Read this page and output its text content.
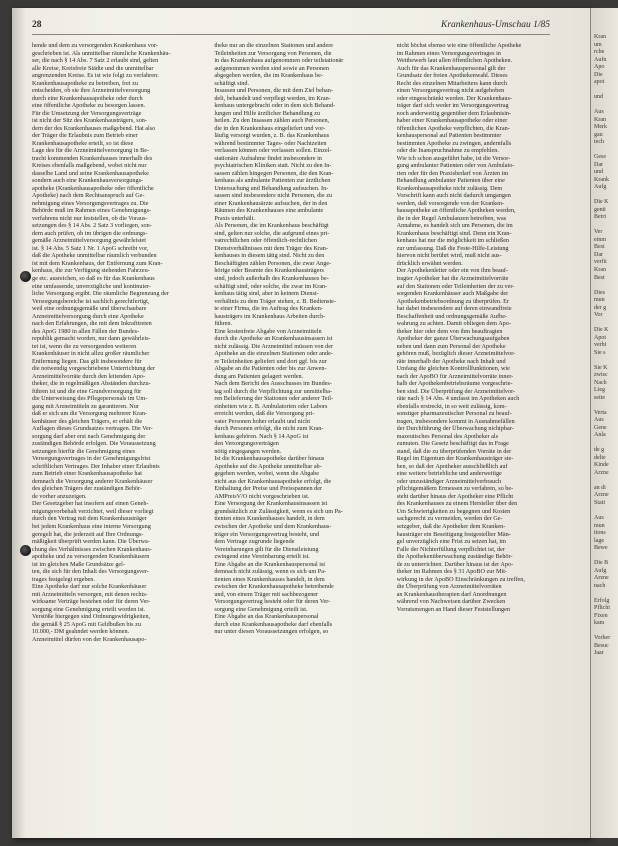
28	Krankenhaus-Umschau 1/85

hende und dem zu versorgenden Krankenhaus vor-

geschrieben ist. Als unmittelbar räumliche Krankenhäu-

ser, die nach § 14 Abs. 7 Satz 2 erlaubt sind, gelten

alle Kreise, Kreisfreie Städte und die unmittelbar

angrenzenden Kreise. Es ist wie folgt zu verfahren:

Krankenhausapotheke zu betreiben, frei zu

entscheiden, ob sie ihre Arzneimittelversorgung

durch eine Krankenhausapotheke oder durch

eine öffentliche Apotheke zu besorgen lassen.

Für die Umsetzung der Versorgungsverträge

ist nicht der Sitz des Krankenhausträgers, son-

dern der des Krankenhauses maßgebend. Hat also

der Träger die Erlaubnis zum Betrieb einer

Krankenhausapotheke erteilt, so ist diese

Lage des für die Arzneimittelversorgung in Be-

tracht kommenden Krankenhauses innerhalb des

Kreises ebenfalls maßgebend, wobei nicht nur

dasselbe Land und seine Krankenhausapotheke

sondern auch eine Krankenhausversorgungs-

apotheke (Krankenhausapotheke oder öffentliche

Apotheke) nach dem Rechtsanspruch auf Ge-

nehmigung eines Versorgungsvertrages zu. Die

Behörde muß im Rahmen eines Genehmigungs-

verfahrens nicht nur feststellen, ob die Voraus-

setzungen des § 14 Abs. 2 Satz 3 vorliegen, son-

dern auch prüfen, ob im übrigen die ordnungs-

gemäße Arzneimittelversorgung gewährleistet

ist. § 14 Abs. 5 Satz 1 Nr. 1 ApoG schreibt vor,

daß die Apotheke unmittelbar räumlich verbunden

ist mit dem Krankenhaus, der Entfernung zum Kran-

kenhaus, die zur Verfügung stehenden Fahrzeu-

ge etc. ausreichen, so daß es für das Krankenhaus

eine umfassende, unverzügliche und kontinuier-

liche Versorgung ergibt. Die räumliche Begrenzung der

Versorgungsbereiche ist sachlich gerechtfertigt,

weil eine ordnungsgemäße und überschaubare

Arzneimittelversorgung durch eine Apotheke

nach den Erfahrungen, die mit dem Inkrafttreten

des ApoG 1980 in allen Fällen der Bundes-

republik gemacht worden, nur dann gewährleis-

tet ist, wenn die zu versorgenden weiteren

Krankenhäuser in nicht allzu großer räumlicher

Entfernung liegen. Das gilt insbesondere für

die notwendig vorgeschriebene Unterrichtung der

Arzneimittelvorräte durch den leitenden Apo-

theker, die in regelmäßigen Abständen durchzu-

führen ist und die eine Grundversorgung für

die Unterweisung des Pflegepersonals im Um-

gang mit Arzneimitteln zu garantieren. Nur

daß er sich um die Versorgung mehrerer Kran-

kenhäuser des gleichen Trägers, er erhält die

Auflagen dieses Grundsatzes vertragen. Die Ver-

sorgung darf aber erst nach Genehmigung der

zuständigen Behörde erfolgen. Die Voraussetzung

setzungen hierfür die Genehmigung eines

Versorgungsvertrages in der Genehmigungsfrist

schriftlichen Vertrages. Der Inhaber einer Erlaubnis

zum Betrieb einer Krankenhausapotheke hat

demnach die Versorgung anderer Krankenhäuser

des gleichen Trägers der zuständigen Behör-

de vorher anzuzeigen.

Der Gesetzgeber hat insofern auf einen Geneh-

migungsvorbehalt verzichtet, weil dieser vorliegt

durch den Vertrag mit dem Krankenhausträger

bei jedem Krankenhaus eine interne Versorgung

geregelt hat, die jederzeit auf Ihre Ordnungs-

mäßigkeit überprüft werden kann. Die Überwa-

chung des Verhältnisses zwischen Krankenhaus-

apotheke und zu versorgenden Krankenhäusern

ist im gleichen Maße Grundsätze gel-

ten, die sich für den Inhalt des Versorgungsver-

trages festgelegt ergeben.

Eine Apotheke darf nur solche Krankenhäuser

mit Arzneimitteln versorgen, mit denen rechts-

wirksame Verträge bestehen oder für deren Ver-

sorgung eine Genehmigung erteilt worden ist.

Verstöße hiergegen sind Ordnungswidrigkeiten,

die gemäß § 25 ApoG mit Geldbußen bis zu

10.000,- DM geahndet werden können.

Arzneimittel dürfen von der Krankenhausapo-

theke nur an die einzelnen Stationen und andere

Teileinheiten zur Versorgung von Personen, die

in das Krankenhaus aufgenommen oder teilstationär

aufgenommen werden sind sowie an Personen

abgegeben werden, die im Krankenhaus be-

schäftigt sind.

Insassen und Personen, die mit dem Ziel behan-

delt, behandelt und verpflegt werden, im Kran-

kenhaus untergebracht oder in dem sich Behand-

lungen und Hilfe ärztlicher Behandlung zu

heilen. Zu den Insassen zählen auch Personen,

die in den Krankenhaus eingeliefert und vor-

läufig versorgt wurden, z. B. das Krankenhaus

während bestimmter Tages- oder Nachtzeiten

verlassen können oder verlassen sollen. Einzel-

stationäre Aufnahme findet insbesondere in

psychiatrischen Kliniken statt. Nicht zu den In-

sassen zählen hingegen Personen, die den Kran-

kenhaus als ambulante Patienten zur ärztlichen

Untersuchung und Behandlung aufsuchen. In-

sassen sind insbesondere nicht Personen, die zu

einer Krankenhausärzte aufsuchen, der in den

Räumen des Krankenhauses eine ambulante

Praxis unterhält.

Als Personen, die im Krankenhaus beschäftigt

sind, gelten nur solche, die aufgrund eines pri-

vatrechtlichen oder öffentlich-rechtlichen

Dienstverhältnisses mit dem Träger des Kran-

kenhauses in diesem tätig sind. Nicht zu den

Beschäftigten zählen Personen, die zwar Ange-

hörige oder Beamte des Krankenhausträgers

sind, jedoch außerhalb des Krankenhauses be-

schäftigt sind, oder solche, die zwar im Kran-

kenhaus tätig sind, aber in keinem Dienst-

verhältnis zu dem Träger stehen, z. B. Bedienste-

te einer Firma, die im Auftrag des Kranken-

hausträgers im Krankenhaus Arbeiten durch-

führen.

Eine kostenfreie Abgabe von Arzneimitteln

durch die Apotheke an Krankenhausinsassen ist

nicht zulässig. Die Arzneimittel müssen von der

Apotheke an die einzelnen Stationen oder ande-

re Teileinheiten geliefert und dort ggf. bis zur

Abgabe an die Patienten oder bis zur Anwen-

dung am Patienten gelagert werden.

Nach dem Bericht des Ausschusses im Bundes-

tag soll durch die Verpflichtung zur unmittelba-

ren Belieferung der Stationen oder anderer Teil-

einheiten wie z. B. Ambulatorien oder Labors

erreicht werden, daß die Versorgung pri-

vater Personen hoher erlaubt und nicht

durch Personen erfolgt, die nicht zum Kran-

kenhaus gehören. Nach § 14 ApoG ist

den Versorgungsverträgen

nötig eingegangen werden.

Ist die Krankenhausapotheke darüber hinaus

Apotheke auf die Apotheke unmittelbar ab-

gegeben werden, wobei, wenn die Abgabe

nicht aus der Krankenhausapotheke erfolgt, die

Einhaltung der Preise und Preisspannen der

AMPreisV/O nicht vorgeschrieben ist.

Eine Versorgung der Krankenhausinsassen ist

grundsätzlich zur Zulässigkeit, wenn es sich um Pa-

tienten eines Krankenhauses handelt, in dem

zwischen der Apotheke und dem Krankenhaus-

träger ein Versorgungsvertrag besteht, und

dem Vertrage zugrunde liegende

Vereinbarungen gilt für die Dienstleistung

zwingend eine Vereinbarung erteilt ist.

Eine Abgabe an die Krankenhauspersonal ist

demnach nicht zulässig, wenn es sich um Pa-

tienten eines Krankenhauses handelt, in dem

zwischen der Krankenhausapotheke betreibende

und, von einem Träger mit sachbezogener

Versorgungsvertrag besteht oder für deren Ver-

sorgung eine Genehmigung erteilt ist.

Eine Abgabe an das Krankenhauspersonal

durch eine Krankenhausapotheke darf ebenfalls

nur unter diesen Voraussetzungen erfolgen, so

nicht höchst ebenso wie eine öffentliche Apotheke

im Rahmen eines Versorgungsvertrages in

Wettbewerb laut allen öffentlichen Apotheken.

Auch für das Krankenhausperssonal gilt der

Grundsatz der freien Apothekenwahl. Dieses

Recht des einzelnen Mitarbeiters kann durch

einen Versorgungsvertrag nicht aufgehoben

oder eingeschränkt werden. Der Krankenhaus-

träger darf sich weder im Versorgungsvertrag

noch anderweitig gegenüber dem Erlaubnisin-

haber einer Krankenhausapotheke oder einer

öffentlichen Apotheke verpflichten, die Kran-

kenhauspersonal auf Patienten bestimmter

bestimmten Apotheke zu zwingen, andernfalls

oder die Inanspruchnahme zu empfehlen.

Wie ich schon ausgeführt habe, ist die Versor-

gung ambulanter Patienten oder von Ambulato-

rien oder für den Praxisbedarf von Ärzten im

Behandlung ambulanter Patienten über eine

Krankenhausapotheke nicht zulässig. Dem

Vorschrift kann auch nicht dadurch umgangen

werden, daß vorsorgende von der Kranken-

hausapotheke an öffentliche Apotheken werden,

die in der Regel Ambulanzen betreiben, was

Annahme, es handelt sich um Personen, die im

Krankenhaus beschäftigt sind. Denn ein Kran-

kenhaus hat nur die möglichkeit im schließen

zur umfassung. Daß die Feste-Hilfe-Leistung

hiervon nicht berührt wird, muß nicht aus-

drücklich erwähnt werden.

Der Apothekenleiter oder ein von ihm beauf-

tragter Apotheker hat die Arzneimittelvorräte

auf den Stationen oder Teileinheiten der zu ver-

sorgenden Krankenhäuser auch Maßgabe der

Apothekenbetriebsordnung zu überprüfen. Er

hat dabei insbesondere auf deren einwandfreie

Beschaffenheit und ordnungsgemäße Aufbe-

wahrung zu achten. Damit obliegen dem Apo-

theker hier oder dem von ihm beauftragten

Apotheker der ganze Überwachungsaufgaben

neben und dann zum Personal der Apotheke

gehören muß, bezüglich dieser Arzneimittelvor-

räte innerhalb der Apotheke nach Inhalt und

Umfang die gleichen Kontrollfunktionen, wie

nach der ApoBO für Arzneimittelvorräte inner-

halb der Apothekenbetriebsräume vorgeschrie-

ben sind. Die Überprüfung der Arzneimittelvor-

räte nach § 14 Abs. 4 umfasst im Apotheken auch

ebenfalls erstreckt, in so weit zulässig, kom-

sonstiger pharmazeutischer Personal zu beauf-

tragen, insbesondere kommt in Ausnahmefällen

der Durchführung der Überwachung nichtphar-

mazeutisches Personal des Apotheker als

zumuten. Die Gesetz beschäftigt das in Frage

stand, daß die zu überprüfenden Vorräte in der

Regel im Eigentum der Krankenhausträger ste-

hen, so daß der Apotheker ausschließlich auf

eine weitere betriebliche und anderweitige

oder unzuständiger Arzneimittelverbrauch

pflichtgemäßem Ermessen zu verfahren, so be-

steht darüber hinaus der Apotheker eine Pflicht

des Krankenhauses zu einem Hersteller über den

Um Schwierigkeiten zu begegnen und Kosten

sachgerecht zu vermeiden, werden der Ge-

setzgeber, daß die Apotheker dem Kranken-

hausträger ein Beseitigung festgestellter Män-

gel unverzüglich eine Frist zu setzen hat, im

Falle der Nichterfüllung verpflichtet ist, der

die Apothekenüberwachung zuständige Behör-

de zu unterrichten. Darüber hinaus ist der Apo-

theker im Rahmen des § 31 ApoBO zur Mit-

wirkung in der ApoBO Einschränkungen zu treffen,

die Überprüfung von Arzneimittelvorräten

an Krankenhaustherapien darf Anordnungen

während von Nachweisen darüber Zwecken

Vorratsmengen an Hand dieser Feststellungen

Kran
um
rche
Aufn
Apo
Die
apot

und

Aus
Kran
Merk
gau
tech

Gese
Dar
und
Krank
Aufg

Die K
genü
Betri

Ver
einm
Best
Dar
verfü
Kran
Best

Dies
mun
der g
Vor

Die K
Apot
verbi
Sie s

Sie K
zwisc
Nach
Lieg
seite

Verta
Aus
Gene
Anla

de g
delte
Kinde
Arzne

an di
Arzne
Stati

Aus
mun
tions
lage
Bewe

Die B
Aufg
Arzne
nach

Erfolg
Pflicht
Fixen
kam

Vorher
Besuc
Jaar
